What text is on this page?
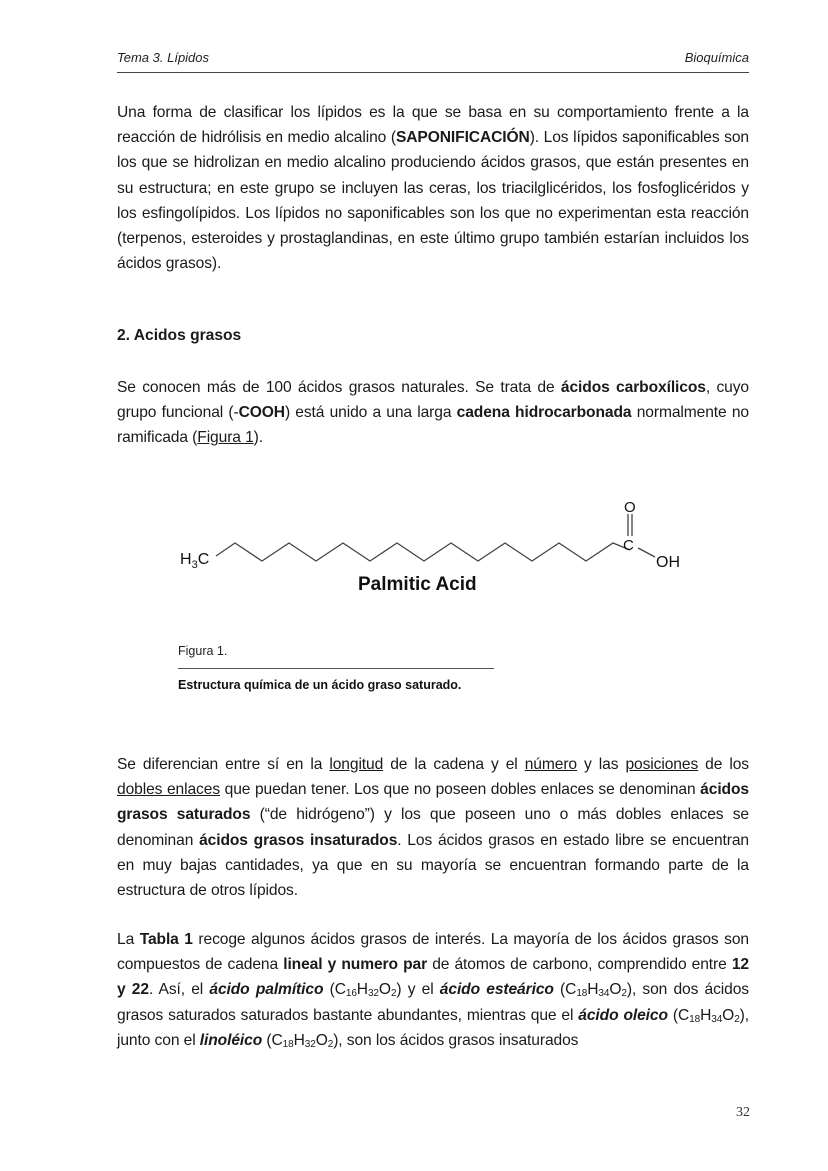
Tema 3. Lípidos	Bioquímica

Una forma de clasificar los lípidos es la que se basa en su comportamiento frente a la reacción de hidrólisis en medio alcalino (SAPONIFICACIÓN). Los lípidos saponificables son los que se hidrolizan en medio alcalino produciendo ácidos grasos, que están presentes en su estructura; en este grupo se incluyen las ceras, los triacilglicéridos, los fosfoglicéridos y los esfingolípidos. Los lípidos no saponificables son los que no experimentan esta reacción (terpenos, esteroides y prostaglandinas, en este último grupo también estarían incluidos los ácidos grasos).

2. Acidos grasos

Se conocen más de 100 ácidos grasos naturales. Se trata de ácidos carboxílicos, cuyo grupo funcional (-COOH) está unido a una larga cadena hidrocarbonada normalmente no ramificada (Figura 1).

$H_3C$
C
O
OH
Palmitic Acid
Figura 1.
Estructura química de un ácido graso saturado.

Se diferencian entre sí en la longitud de la cadena y el número y las posiciones de los dobles enlaces que puedan tener. Los que no poseen dobles enlaces se denominan ácidos grasos saturados (“de hidrógeno”) y los que poseen uno o más dobles enlaces se denominan ácidos grasos insaturados. Los ácidos grasos en estado libre se encuentran en muy bajas cantidades, ya que en su mayoría se encuentran formando parte de la estructura de otros lípidos.

La Tabla 1 recoge algunos ácidos grasos de interés. La mayoría de los ácidos grasos son compuestos de cadena lineal y numero par de átomos de carbono, comprendido entre 12 y 22. Así, el ácido palmítico $(C_{16}H_{32}O_2)$ y el ácido esteárico $(C_{18}H_{34}O_2)$, son dos ácidos grasos saturados saturados bastante abundantes, mientras que el ácido oleico $(C_{18}H_{34}O_2)$, junto con el linoléico $(C_{18}H_{32}O_2)$, son los ácidos grasos insaturados

32
